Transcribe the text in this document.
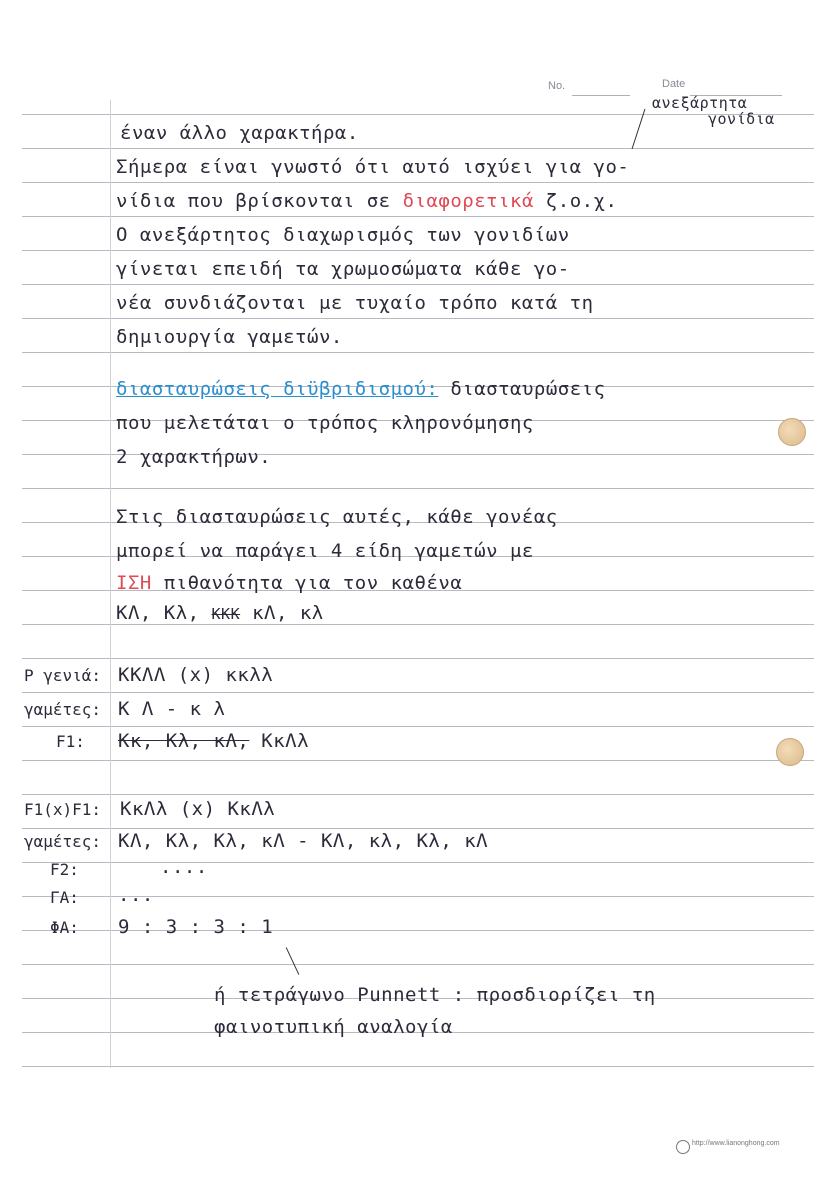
No.	Date
ανεξάρτητα
γονίδια
έναν άλλο χαρακτήρα.
Σήμερα είναι γνωστό ότι αυτό ισχύει για γο-
νίδια που βρίσκονται σε διαφορετικά ζ.ο.χ.
Ο ανεξάρτητος διαχωρισμός των γονιδίων
γίνεται επειδή τα χρωμοσώματα κάθε γο-
νέα συνδιάζονται με τυχαίο τρόπο κατά τη
δημιουργία γαμετών.
διασταυρώσεις διϋβριδισμού: διασταυρώσεις
που μελετάται ο τρόπος κληρονόμησης
2 χαρακτήρων.
Στις διασταυρώσεις αυτές, κάθε γονέας
μπορεί να παράγει 4 είδη γαμετών με
ΙΣΗ πιθανότητα για τον καθένα
ΚΛ, Κλ, ΚΚΚ κΛ, κλ
Ρ γενιά: ΚΚΛΛ (x) κκλλ
γαμέτες: Κ Λ - κ λ
F1: Κκ, Κλ, κΛ, ΚκΛλ
F1(x)F1: ΚκΛλ (x) ΚκΛλ
γαμέτες: ΚΛ, Κλ, Κλ, κΛ - ΚΛ, κλ, Κλ, κΛ
F2:	....
ΓΑ: ...
ΦΑ: 9 : 3 : 3 : 1
ή τετράγωνο Punnett : προσδιορίζει τη
φαινοτυπική αναλογία
http://www.lianonghong.com
